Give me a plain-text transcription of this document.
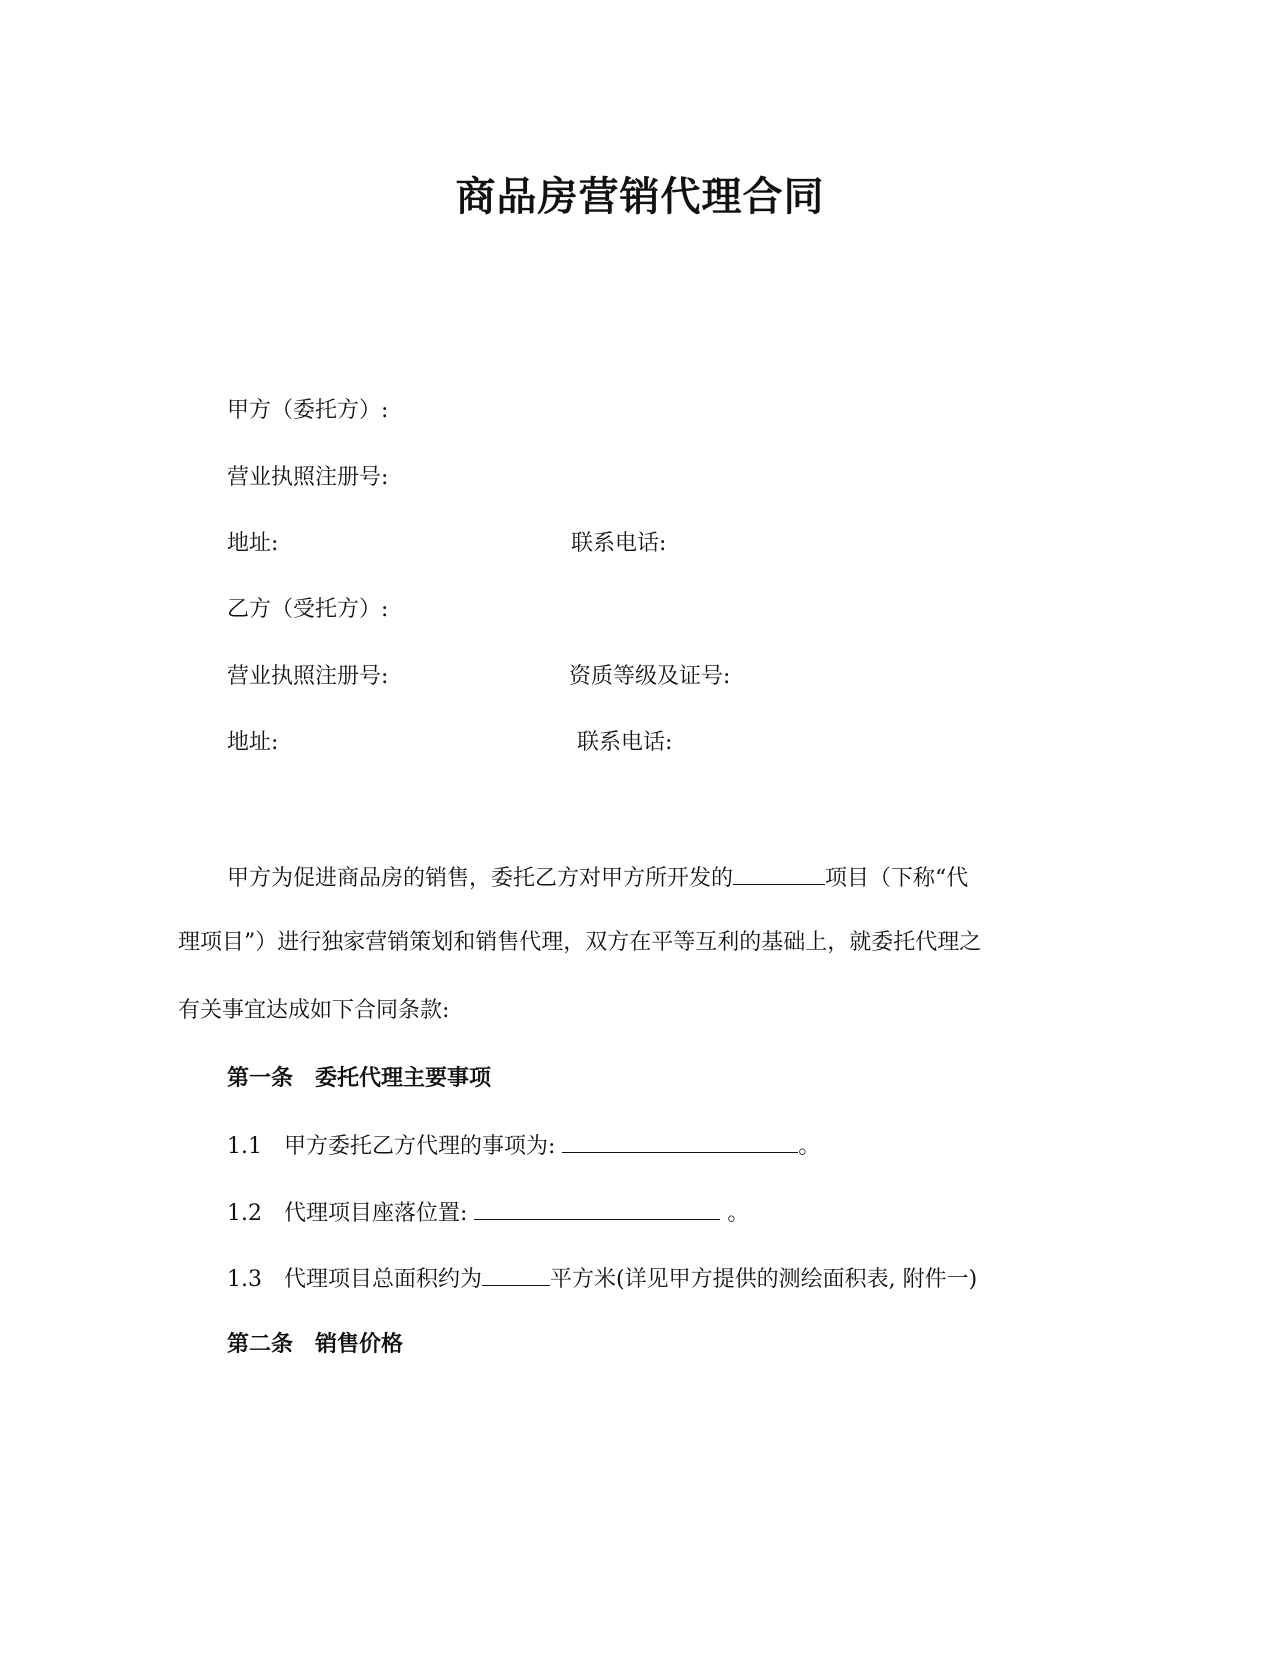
商品房营销代理合同
甲方（委托方）:
营业执照注册号:
地址:	联系电话:
乙方（受托方）:
营业执照注册号:	资质等级及证号:
地址:	联系电话:
甲方为促进商品房的销售，委托乙方对甲方所开发的	项目（下称“代
理项目”）进行独家营销策划和销售代理，双方在平等互利的基础上，就委托代理之
有关事宜达成如下合同条款:
第一条 委托代理主要事项
1.1 甲方委托乙方代理的事项为:	。
1.2 代理项目座落位置:	。
1.3 代理项目总面积约为	平方米(详见甲方提供的测绘面积表, 附件一)
第二条 销售价格
